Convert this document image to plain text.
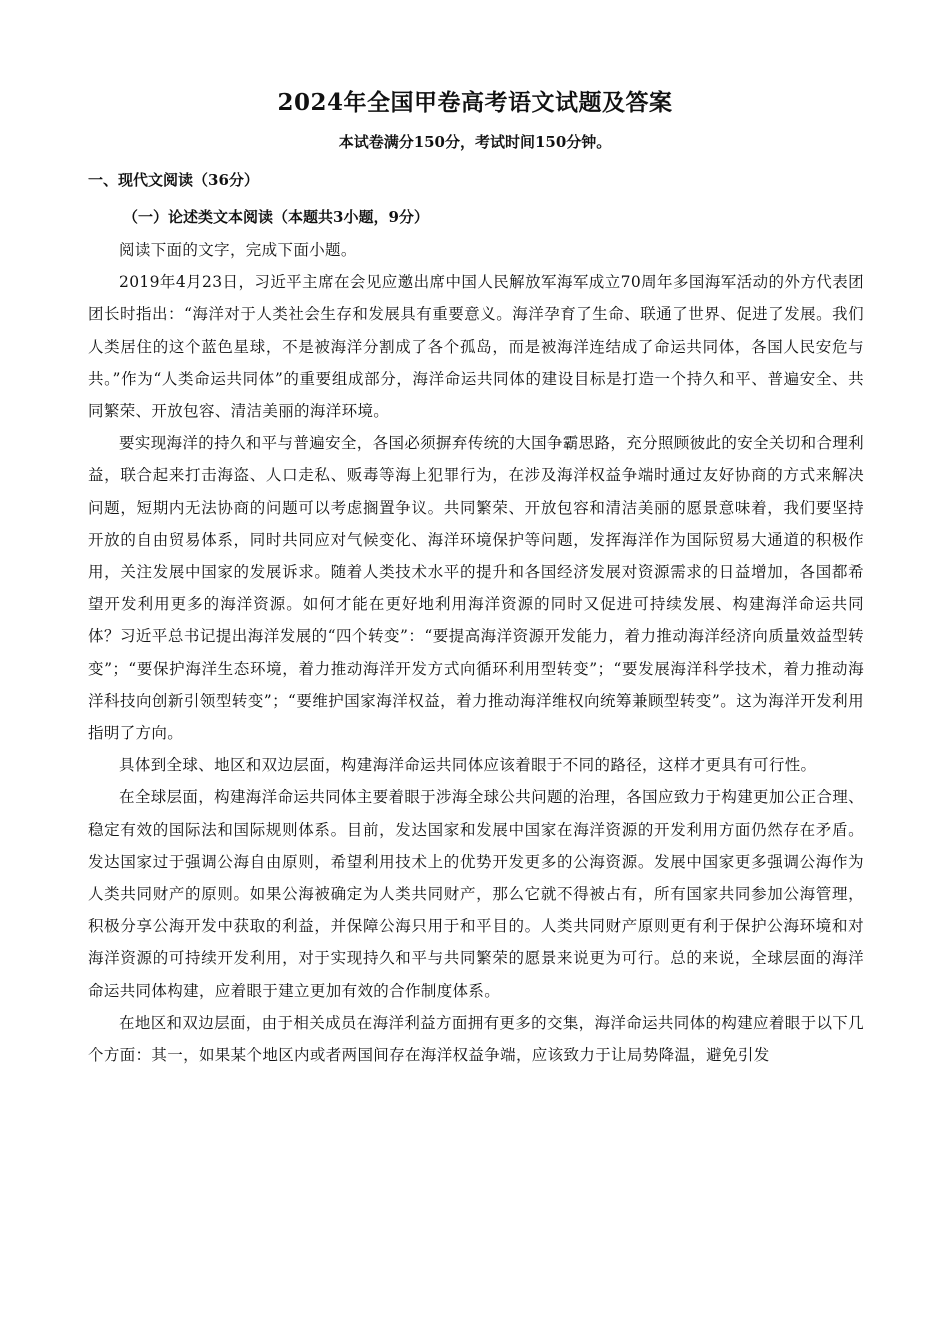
2024年全国甲卷高考语文试题及答案

本试卷满分150分，考试时间150分钟。

一、现代文阅读（36分）

（一）论述类文本阅读（本题共3小题，9分）

阅读下面的文字，完成下面小题。

2019年4月23日，习近平主席在会见应邀出席中国人民解放军海军成立70周年多国海军活动的外方代表团团长时指出：“海洋对于人类社会生存和发展具有重要意义。海洋孕育了生命、联通了世界、促进了发展。我们人类居住的这个蓝色星球，不是被海洋分割成了各个孤岛，而是被海洋连结成了命运共同体，各国人民安危与共。”作为“人类命运共同体”的重要组成部分，海洋命运共同体的建设目标是打造一个持久和平、普遍安全、共同繁荣、开放包容、清洁美丽的海洋环境。

要实现海洋的持久和平与普遍安全，各国必须摒弃传统的大国争霸思路，充分照顾彼此的安全关切和合理利益，联合起来打击海盗、人口走私、贩毒等海上犯罪行为，在涉及海洋权益争端时通过友好协商的方式来解决问题，短期内无法协商的问题可以考虑搁置争议。共同繁荣、开放包容和清洁美丽的愿景意味着，我们要坚持开放的自由贸易体系，同时共同应对气候变化、海洋环境保护等问题，发挥海洋作为国际贸易大通道的积极作用，关注发展中国家的发展诉求。随着人类技术水平的提升和各国经济发展对资源需求的日益增加，各国都希望开发利用更多的海洋资源。如何才能在更好地利用海洋资源的同时又促进可持续发展、构建海洋命运共同体？习近平总书记提出海洋发展的“四个转变”：“要提高海洋资源开发能力，着力推动海洋经济向质量效益型转变”；“要保护海洋生态环境，着力推动海洋开发方式向循环利用型转变”；“要发展海洋科学技术，着力推动海洋科技向创新引领型转变”；“要维护国家海洋权益，着力推动海洋维权向统筹兼顾型转变”。这为海洋开发利用指明了方向。

具体到全球、地区和双边层面，构建海洋命运共同体应该着眼于不同的路径，这样才更具有可行性。

在全球层面，构建海洋命运共同体主要着眼于涉海全球公共问题的治理，各国应致力于构建更加公正合理、稳定有效的国际法和国际规则体系。目前，发达国家和发展中国家在海洋资源的开发利用方面仍然存在矛盾。发达国家过于强调公海自由原则，希望利用技术上的优势开发更多的公海资源。发展中国家更多强调公海作为人类共同财产的原则。如果公海被确定为人类共同财产，那么它就不得被占有，所有国家共同参加公海管理，积极分享公海开发中获取的利益，并保障公海只用于和平目的。人类共同财产原则更有利于保护公海环境和对海洋资源的可持续开发利用，对于实现持久和平与共同繁荣的愿景来说更为可行。总的来说，全球层面的海洋命运共同体构建，应着眼于建立更加有效的合作制度体系。

在地区和双边层面，由于相关成员在海洋利益方面拥有更多的交集，海洋命运共同体的构建应着眼于以下几个方面：其一，如果某个地区内或者两国间存在海洋权益争端，应该致力于让局势降温，避免引发
